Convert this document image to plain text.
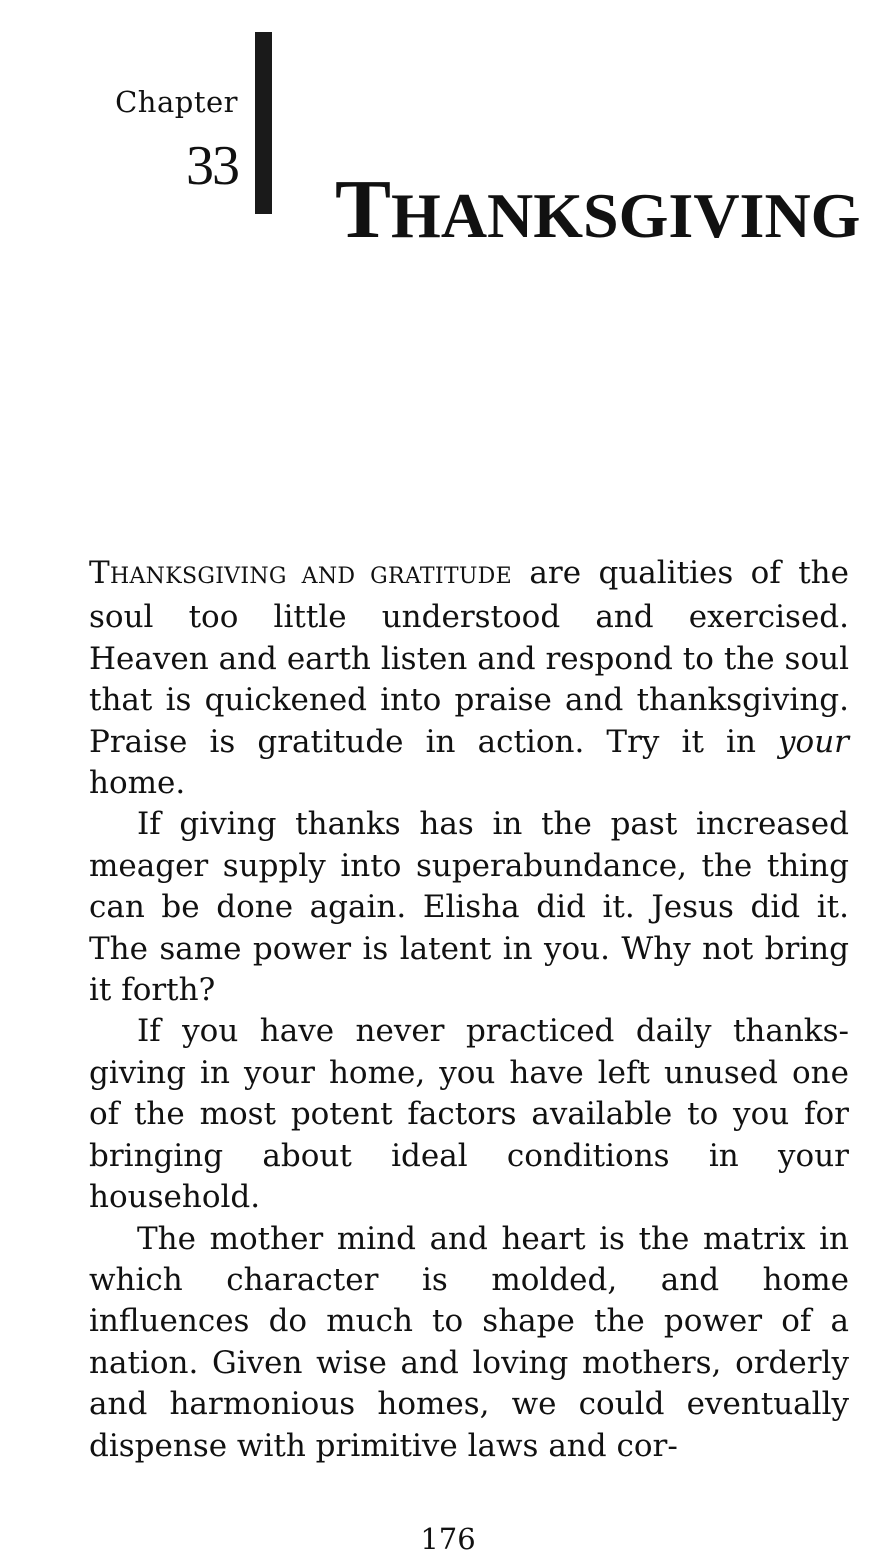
Chapter
33 THANKSGIVING

THANKSGIVING AND GRATITUDE are qualities of the soul too little understood and exercised. Heaven and earth listen and respond to the soul that is quickened into praise and thanksgiving. Praise is gratitude in action. Try it in your home.

If giving thanks has in the past increased meager supply into superabundance, the thing can be done again. Elisha did it. Jesus did it. The same power is latent in you. Why not bring it forth?

If you have never practiced daily thanksgiving in your home, you have left unused one of the most potent factors available to you for bringing about ideal conditions in your household.

The mother mind and heart is the matrix in which character is molded, and home influences do much to shape the power of a nation. Given wise and loving mothers, orderly and harmonious homes, we could eventually dispense with primitive laws and cor-

176
